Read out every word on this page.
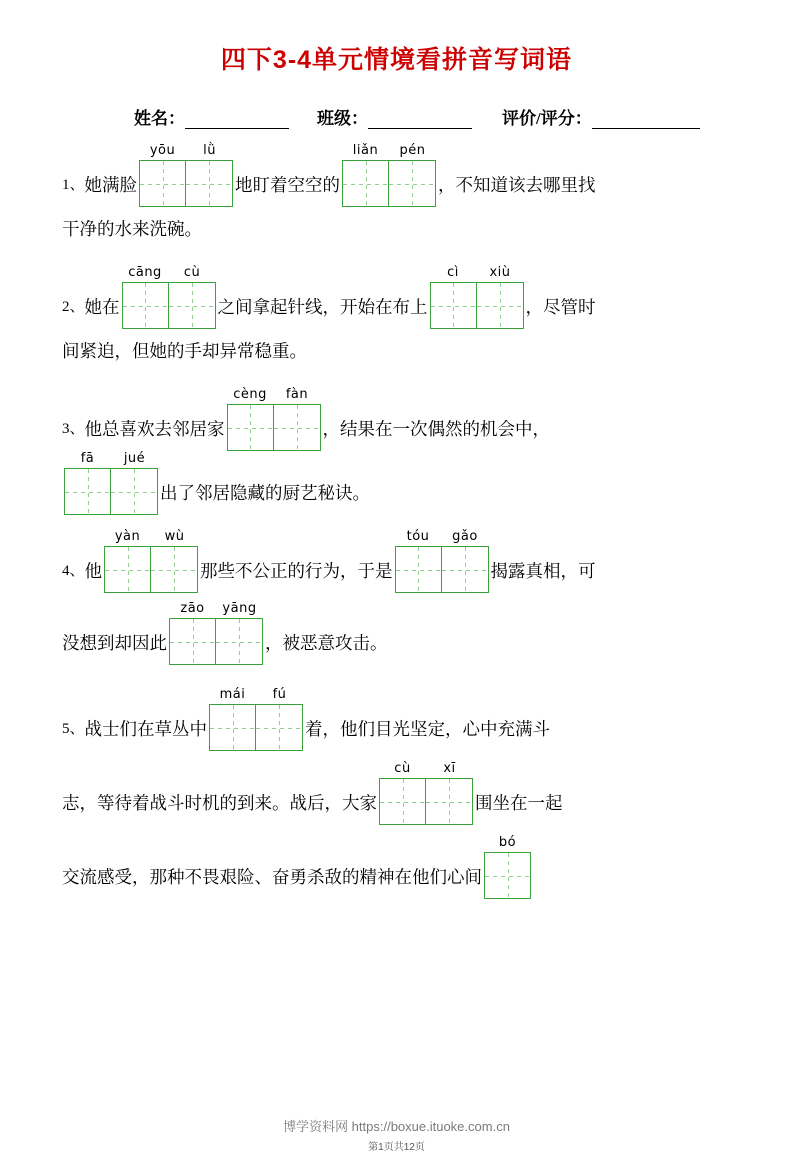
四下3-4单元情境看拼音写词语
姓名：	班级：	评价/评分：
1、 她满脸
yōu	lǜ
地盯着空空的
liǎn	pén
，不知道该去哪里找
干净的水来洗碗。
2、 她在
cāng	cù
之间拿起针线，开始在布上
cì	xiù
，尽管时
间紧迫，但她的手却异常稳重。
3、 他总喜欢去邻居家
cèng	fàn
，结果在一次偶然的机会中，
fā	jué
出了邻居隐藏的厨艺秘诀。
4、 他
yàn	wù
那些不公正的行为，于是
tóu	gǎo
揭露真相，可
没想到却因此
zāo	yāng
，被恶意攻击。
5、 战士们在草丛中
mái	fú
着，他们目光坚定，心中充满斗
志，等待着战斗时机的到来。战后，大家
cù	xī
围坐在一起
交流感受，那种不畏艰险、奋勇杀敌的精神在他们心间
bó
博学资料网 https://boxue.ituoke.com.cn
第1页共12页
